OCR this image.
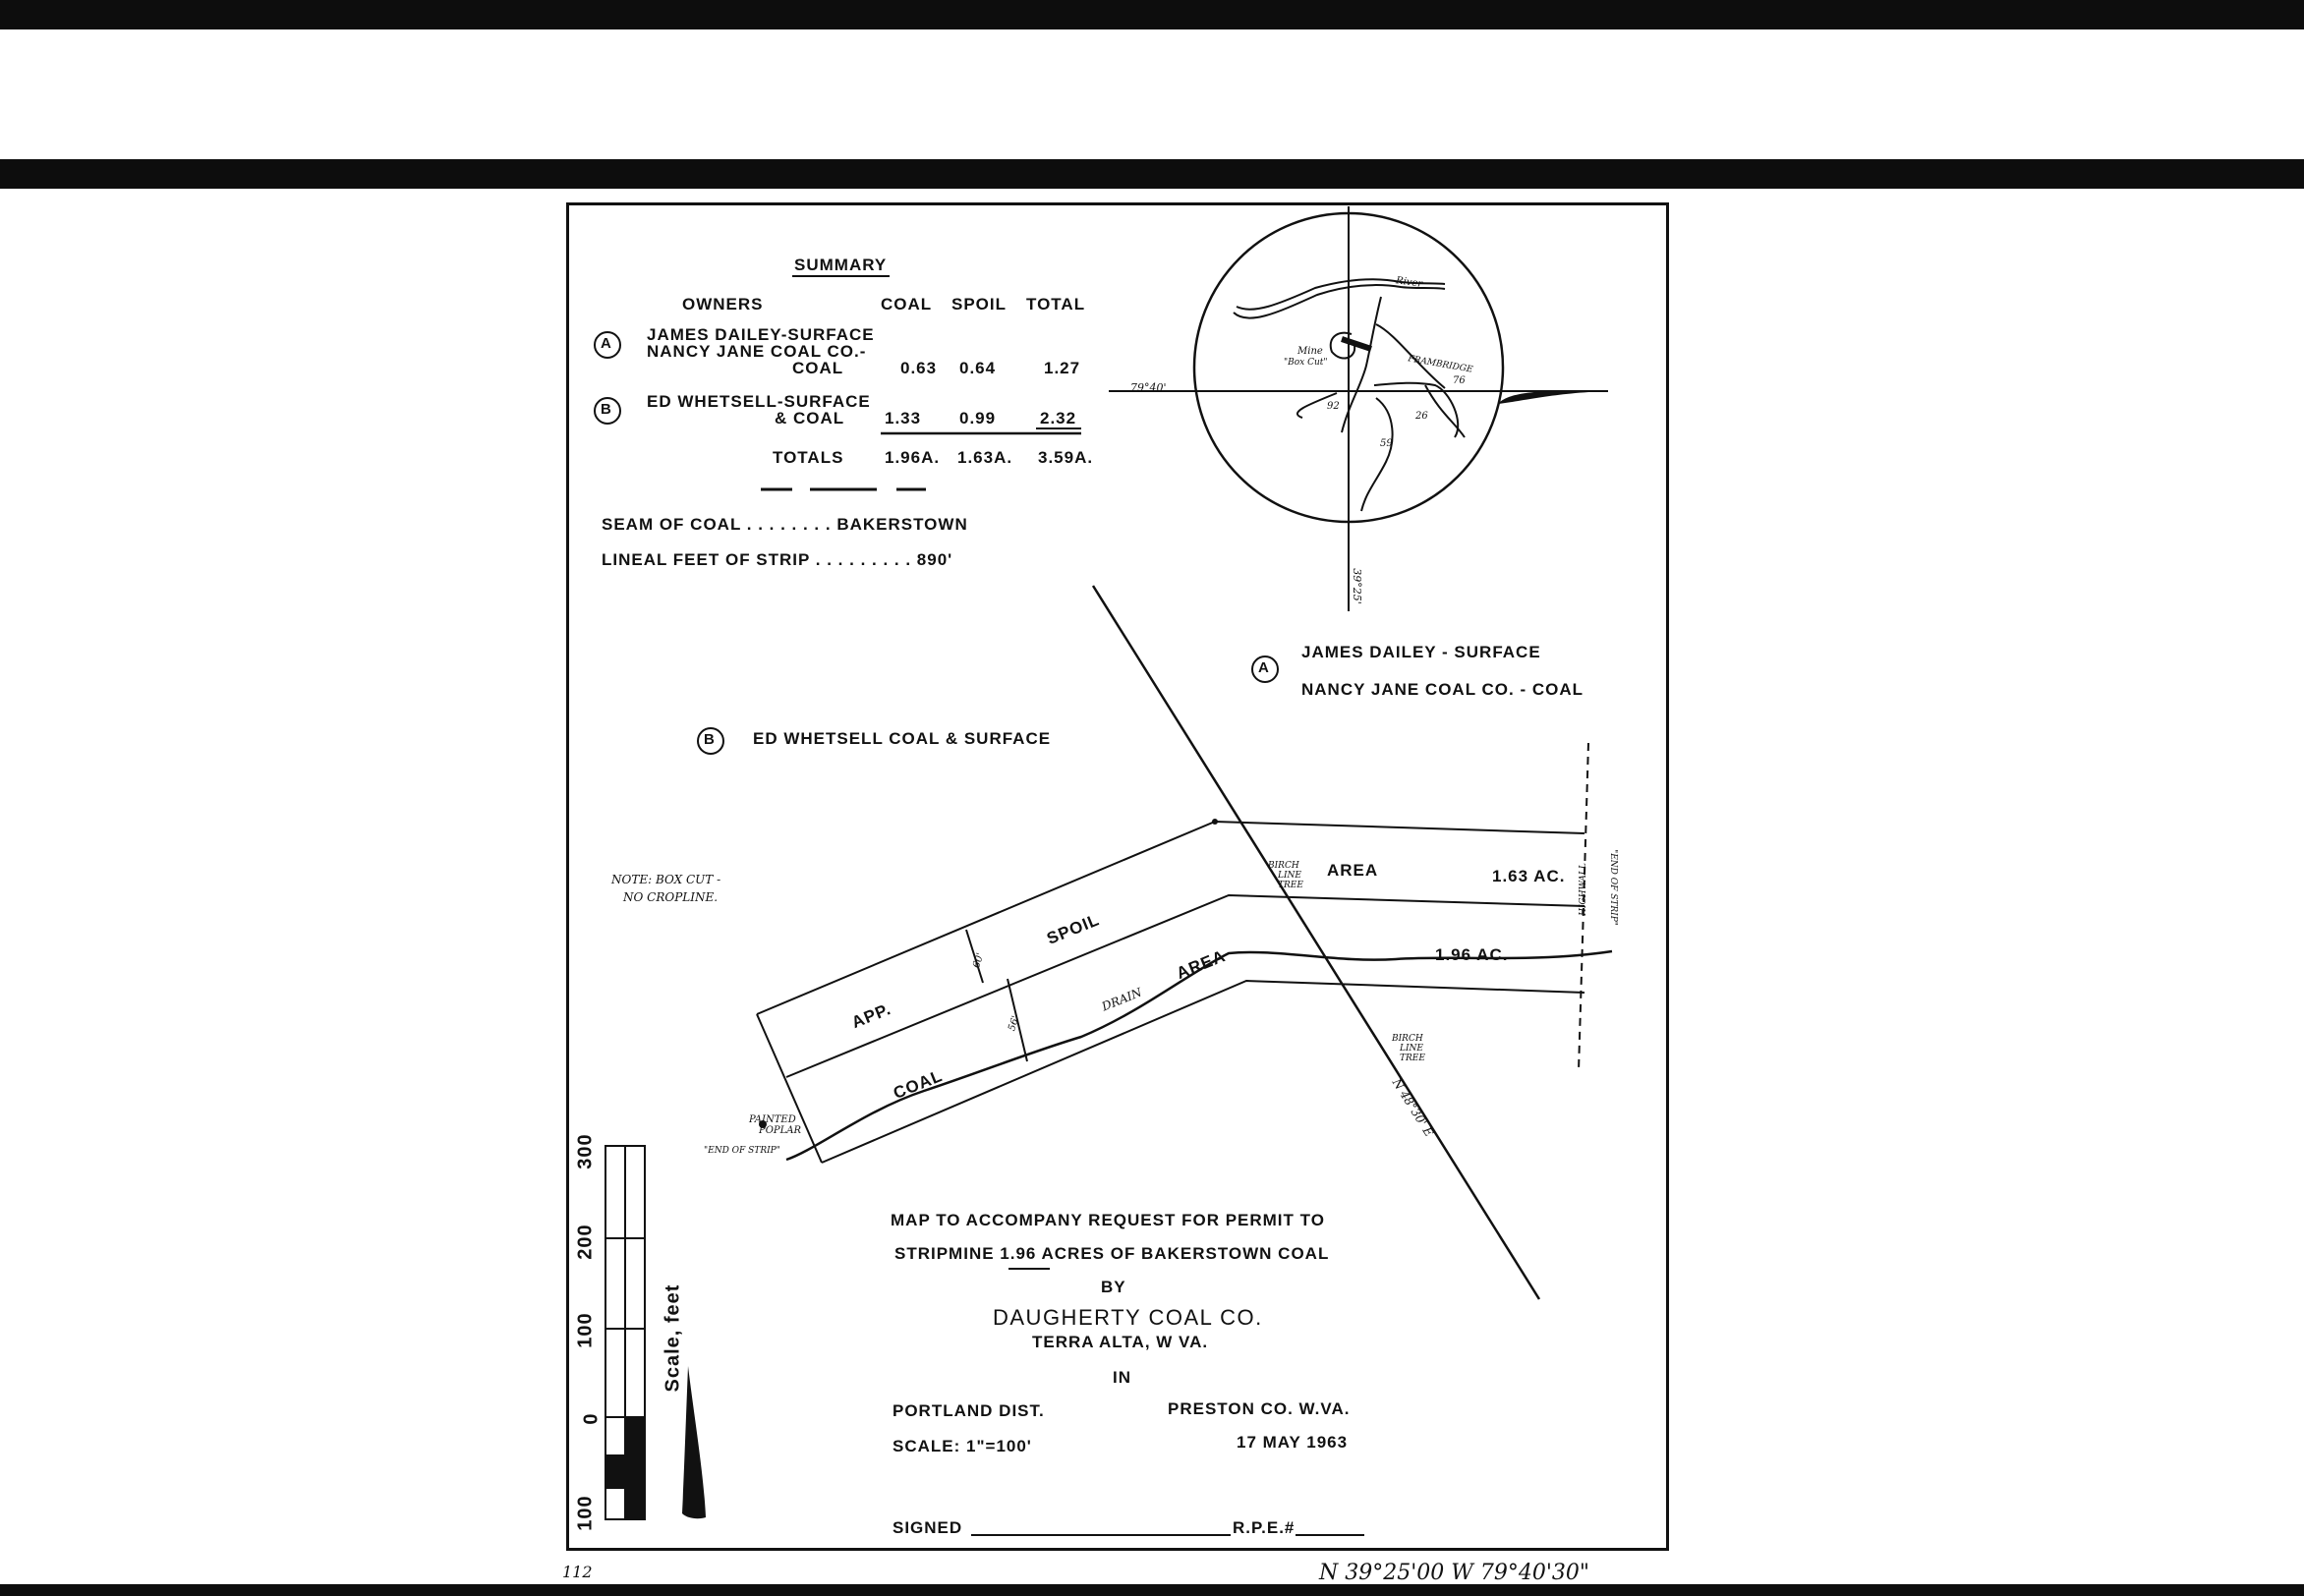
SUMMARY
OWNERS	COAL SPOIL TOTAL
A JAMES DAILEY-SURFACE
NANCY JANE COAL CO.-
COAL	0.63 0.64	1.27
B ED WHETSELL-SURFACE
& COAL 1.33 0.99	2.32
TOTALS 1.96A. 1.63A. 3.59A.
SEAM OF COAL . . . . . . . . BAKERSTOWN
LINEAL FEET OF STRIP . . . . . . . . . 890'
River
Mine
"Box Cut"	FRAMBRIDGE
79°40'
39°25'
92
59
26
76
A
JAMES DAILEY - SURFACE
NANCY JANE COAL CO. - COAL
B ED WHETSELL COAL & SURFACE
NOTE: BOX CUT -
NO CROPLINE.
BIRCH
LINE
TREE
BIRCH
LINE
TREE
PAINTED
POPLAR
"END OF STRIP"
"END OF STRIP"
HIGHWALL
N 48°30' E
AREA	1.63 AC.
1.96 AC.
SPOIL
APP.
COAL
DRAIN
AREA
60'
56'
MAP TO ACCOMPANY REQUEST FOR PERMIT TO
STRIPMINE 1.96 ACRES OF BAKERSTOWN COAL
BY
DAUGHERTY COAL CO.
TERRA ALTA, W VA.
IN
PORTLAND DIST.	PRESTON CO. W.VA.
SCALE: 1"=100'	17 MAY 1963
SIGNED	R.P.E.#
Scale, feet
300
200
100
0
100
112	N 39°25'00 W 79°40'30"
